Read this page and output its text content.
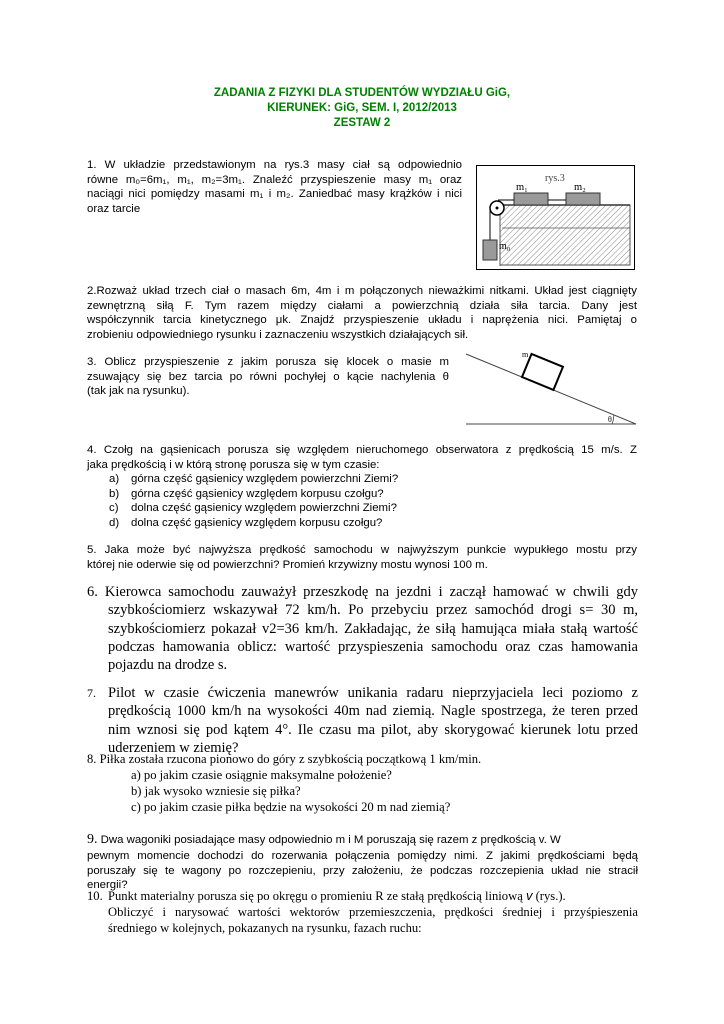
ZADANIA Z FIZYKI DLA STUDENTÓW WYDZIAŁU GiG,
KIERUNEK: GiG, SEM. I, 2012/2013
ZESTAW 2
1. W układzie przedstawionym na rys.3 masy ciał są odpowiednio
równe m₀=6m₁, m₁, m₂=3m₁. Znaleźć przyspieszenie masy m₁ oraz
naciągi nici pomiędzy masami m₁ i m₂. Zaniedbać masy krążków i nici
oraz tarcie
rys.3
m₁	m₂
m₀
2.Rozważ układ trzech ciał o masach 6m, 4m i m połączonych nieważkimi nitkami. Układ jest ciągnięty
zewnętrzną siłą F. Tym razem między ciałami a powierzchnią działa siła tarcia. Dany jest
współczynnik tarcia kinetycznego μk. Znajdź przyspieszenie układu i naprężenia nici. Pamiętaj o
zrobieniu odpowiedniego rysunku i zaznaczeniu wszystkich działających sił.
3. Oblicz przyspieszenie z jakim porusza się klocek o masie m
zsuwający się bez tarcia po równi pochyłej o kącie nachylenia θ
(tak jak na rysunku).
m
θ
4. Czołg na gąsienicach porusza się względem nieruchomego obserwatora z prędkością 15 m/s. Z
jaka prędkością i w którą stronę porusza się w tym czasie:
a) górna część gąsienicy względem powierzchni Ziemi?
b) górna część gąsienicy względem korpusu czołgu?
c) dolna część gąsienicy względem powierzchni Ziemi?
d) dolna część gąsienicy względem korpusu czołgu?
5. Jaka może być najwyższa prędkość samochodu w najwyższym punkcie wypukłego mostu przy
której nie oderwie się od powierzchni? Promień krzywizny mostu wynosi 100 m.
6. Kierowca samochodu zauważył przeszkodę na jezdni i zaczął hamować w chwili gdy
szybkościomierz wskazywał 72 km/h. Po przebyciu przez samochód drogi s= 30 m,
szybkościomierz pokazał v2=36 km/h. Zakładając, że siłą hamująca miała stałą wartość
podczas hamowania oblicz: wartość przyspieszenia samochodu oraz czas hamowania
pojazdu na drodze s.
7. Pilot w czasie ćwiczenia manewrów unikania radaru nieprzyjaciela leci poziomo z
prędkością 1000 km/h na wysokości 40m nad ziemią. Nagle spostrzega, że teren przed
nim wznosi się pod kątem 4°. Ile czasu ma pilot, aby skorygować kierunek lotu przed
uderzeniem w ziemię?
8. Piłka została rzucona pionowo do góry z szybkością początkową 1 km/min.
a) po jakim czasie osiągnie maksymalne położenie?
b) jak wysoko wzniesie się piłka?
c) po jakim czasie piłka będzie na wysokości 20 m nad ziemią?
9. Dwa wagoniki posiadające masy odpowiednio m i M poruszają się razem z prędkością v. W
pewnym momencie dochodzi do rozerwania połączenia pomiędzy nimi. Z jakimi prędkościami będą
poruszały się te wagony po rozczepieniu, przy założeniu, że podczas rozczepienia układ nie stracił
energii?
10. Punkt materialny porusza się po okręgu o promieniu R ze stałą prędkością liniową v (rys.).
Obliczyć i narysować wartości wektorów przemieszczenia, prędkości średniej i przyśpieszenia
średniego w kolejnych, pokazanych na rysunku, fazach ruchu:
